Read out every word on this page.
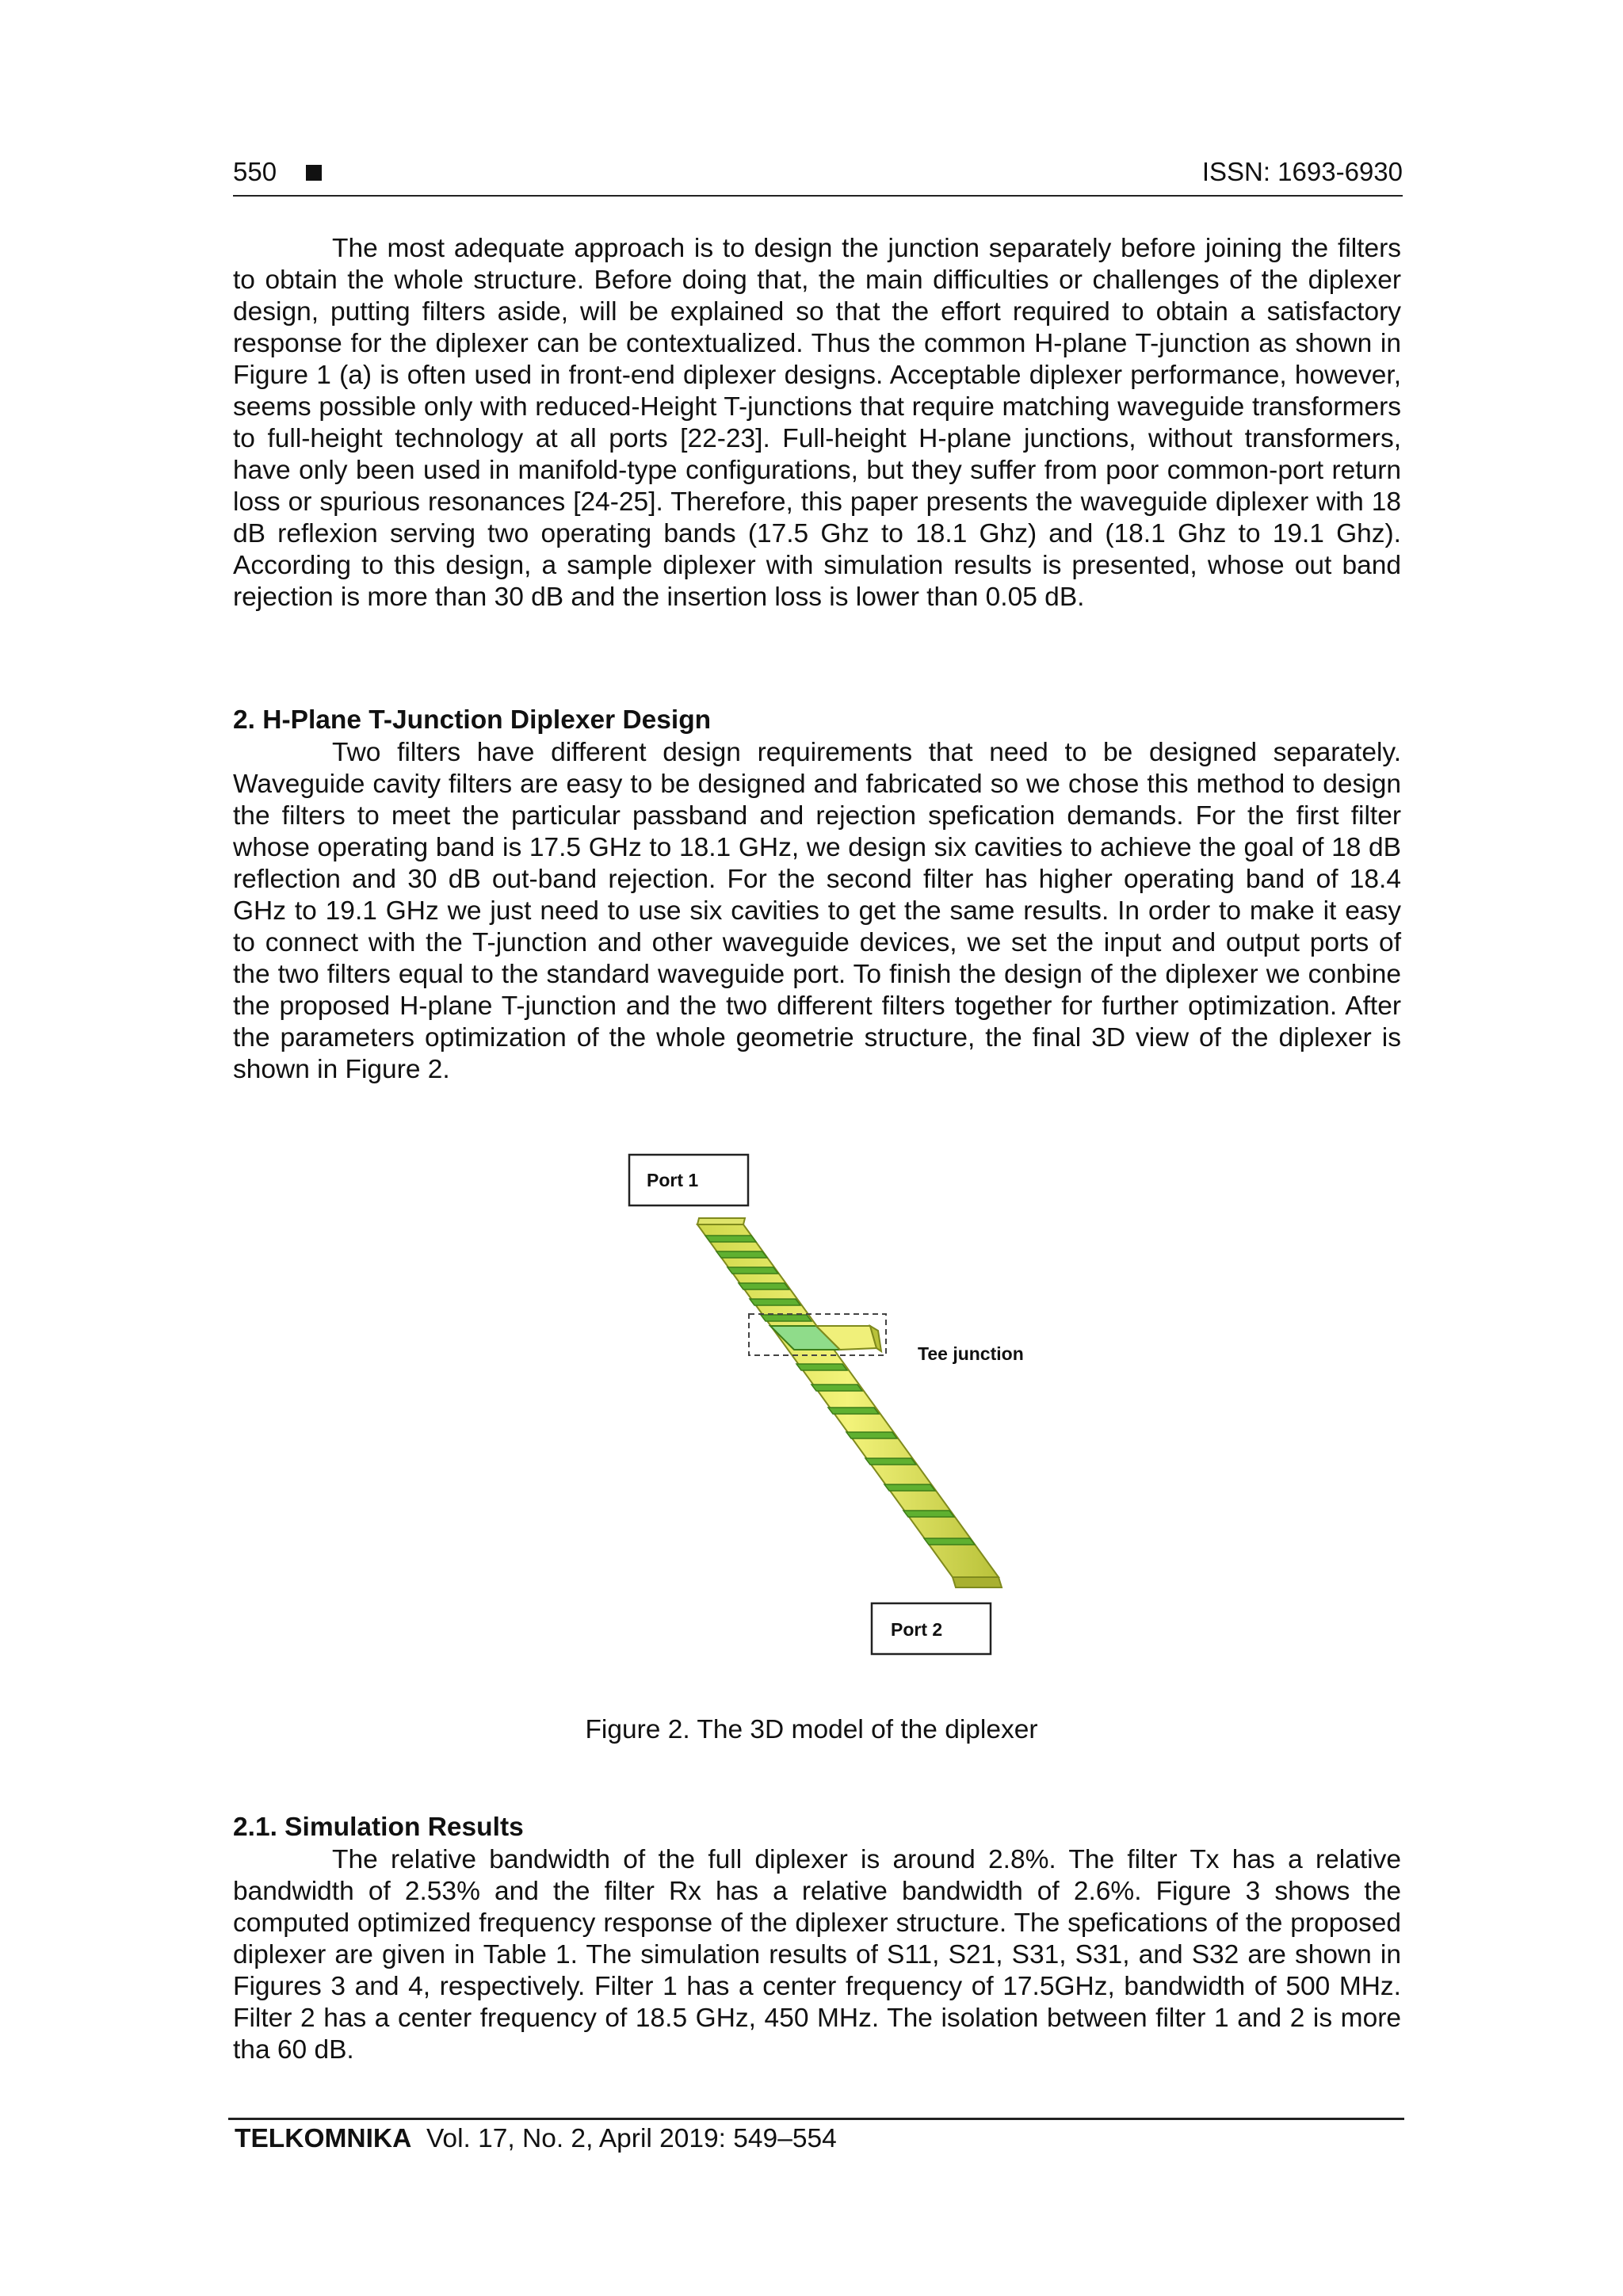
550	ISSN: 1693-6930

The most adequate approach is to design the junction separately before joining the filters to obtain the whole structure. Before doing that, the main difficulties or challenges of the diplexer design, putting filters aside, will be explained so that the effort required to obtain a satisfactory response for the diplexer can be contextualized. Thus the common H-plane T-junction as shown in Figure 1 (a) is often used in front-end diplexer designs. Acceptable diplexer performance, however, seems possible only with reduced-Height T-junctions that require matching waveguide transformers to full-height technology at all ports [22-23]. Full-height H-plane junctions, without transformers, have only been used in manifold-type configurations, but they suffer from poor common-port return loss or spurious resonances [24-25]. Therefore, this paper presents the waveguide diplexer with 18 dB reflexion serving two operating bands (17.5 Ghz to 18.1 Ghz) and (18.1 Ghz to 19.1 Ghz). According to this design, a sample diplexer with simulation results is presented, whose out band rejection is more than 30 dB and the insertion loss is lower than 0.05 dB.

2. H-Plane T-Junction Diplexer Design

Two filters have different design requirements that need to be designed separately. Waveguide cavity filters are easy to be designed and fabricated so we chose this method to design the filters to meet the particular passband and rejection spefication demands. For the first filter whose operating band is 17.5 GHz to 18.1 GHz, we design six cavities to achieve the goal of 18 dB reflection and 30 dB out-band rejection. For the second filter has higher operating band of 18.4 GHz to 19.1 GHz we just need to use six cavities to get the same results. In order to make it easy to connect with the T-junction and other waveguide devices, we set the input and output ports of the two filters equal to the standard waveguide port. To finish the design of the diplexer we conbine the proposed H-plane T-junction and the two different filters together for further optimization. After the parameters optimization of the whole geometrie structure, the final 3D view of the diplexer is shown in Figure 2.

Port 1
Port 2
Tee junction
Figure 2. The 3D model of the diplexer
2.1. Simulation Results

The relative bandwidth of the full diplexer is around 2.8%. The filter Tx has a relative bandwidth of 2.53% and the filter Rx has a relative bandwidth of 2.6%. Figure 3 shows the computed optimized frequency response of the diplexer structure. The spefications of the proposed diplexer are given in Table 1. The simulation results of S11, S21, S31, S31, and S32 are shown in Figures 3 and 4, respectively. Filter 1 has a center frequency of 17.5GHz, bandwidth of 500 MHz. Filter 2 has a center frequency of 18.5 GHz, 450 MHz. The isolation between filter 1 and 2 is more tha 60 dB.

TELKOMNIKA Vol. 17, No. 2, April 2019: 549–554
